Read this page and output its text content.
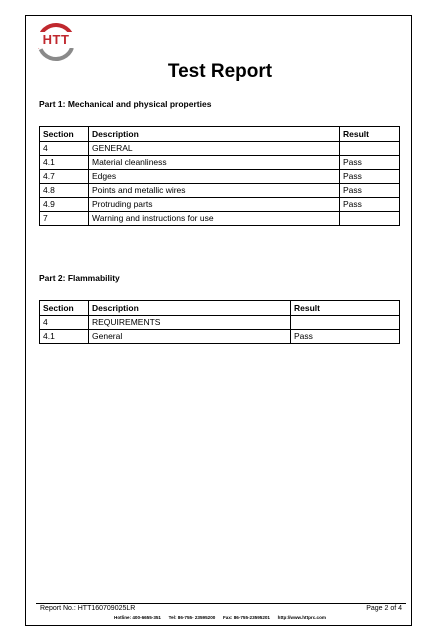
HTT
Test Report
Part 1: Mechanical and physical properties
Section	Description	Result
4	GENERAL	
4.1	Material cleanliness	Pass
4.7	Edges	Pass
4.8	Points and metallic wires	Pass
4.9	Protruding parts	Pass
7	Warning and instructions for use	
Part 2: Flammability
Section	Description	Result
4	REQUIREMENTS	
4.1	General	Pass
Report No.: HTT160709025LR	Page 2 of 4
Hotline: 400-6655-351 Tel: 86-755- 23595200 Fax: 86-755-23595201 http://www.httprc.com
